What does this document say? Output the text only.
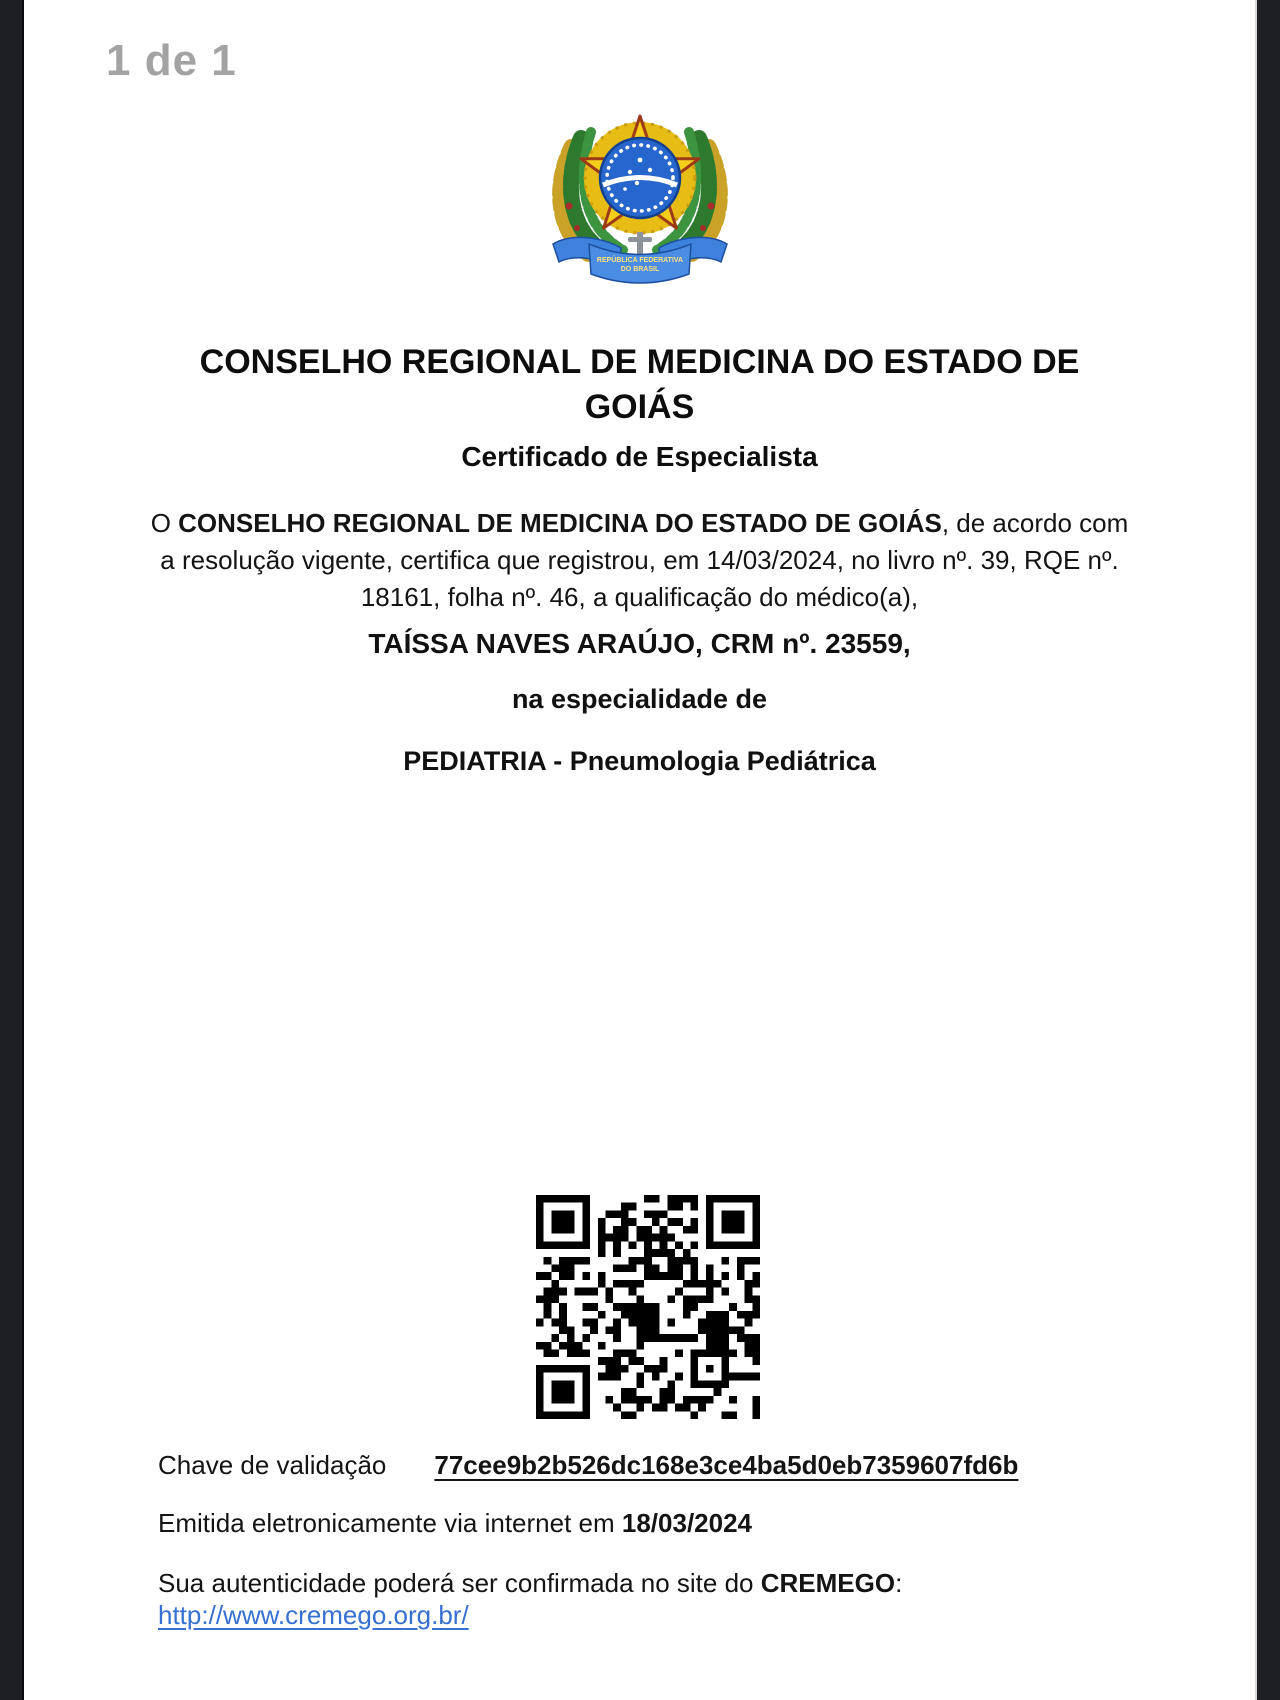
1 de 1
REPÚBLICA FEDERATIVA
DO BRASIL
CONSELHO REGIONAL DE MEDICINA DO ESTADO DE
GOIÁS
Certificado de Especialista
O CONSELHO REGIONAL DE MEDICINA DO ESTADO DE GOIÁS, de acordo com
a resolução vigente, certifica que registrou, em 14/03/2024, no livro nº. 39, RQE nº.
18161, folha nº. 46, a qualificação do médico(a),
TAÍSSA NAVES ARAÚJO, CRM nº. 23559,
na especialidade de
PEDIATRIA - Pneumologia Pediátrica
Chave de validação 77cee9b2b526dc168e3ce4ba5d0eb7359607fd6b
Emitida eletronicamente via internet em 18/03/2024
Sua autenticidade poderá ser confirmada no site do CREMEGO:
http://www.cremego.org.br/
